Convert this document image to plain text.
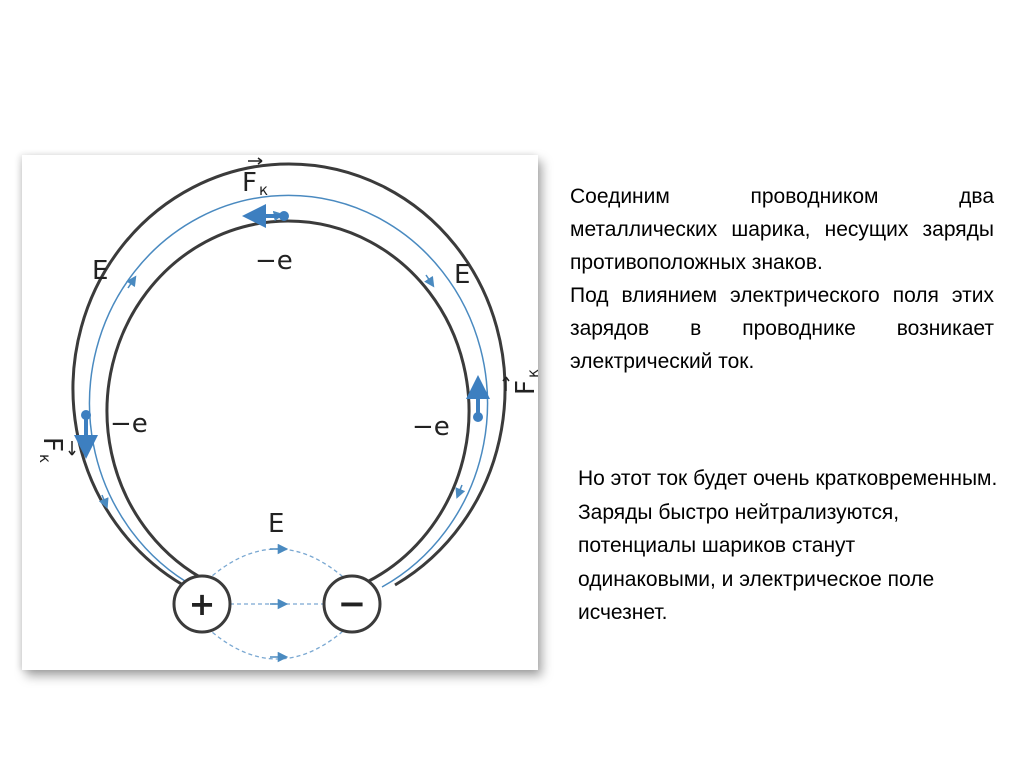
+	−
E	E
E
−e
−e	−e
F к
F
к
F
к

Соединим проводником два металлических шарика, несущих заряды противоположных знаков.

Под влиянием электрического поля этих зарядов в проводнике возникает электрический ток.

Но этот ток будет очень кратковременным.

Заряды быстро нейтрализуются, потенциалы шариков станут одинаковыми, и электрическое поле исчезнет.
